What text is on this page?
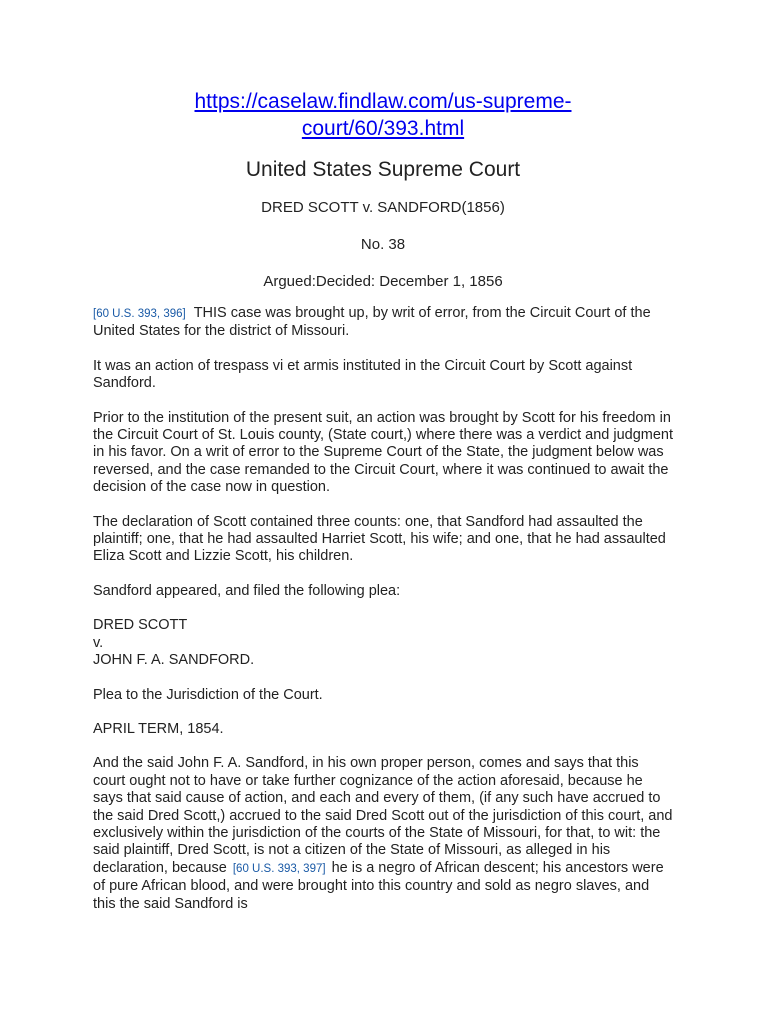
https://caselaw.findlaw.com/us-supreme-
court/60/393.html
United States Supreme Court
DRED SCOTT v. SANDFORD(1856)
No. 38
Argued:Decided: December 1, 1856

[60 U.S. 393, 396] THIS case was brought up, by writ of error, from the Circuit Court of the United States for the district of Missouri.

It was an action of trespass vi et armis instituted in the Circuit Court by Scott against Sandford.

Prior to the institution of the present suit, an action was brought by Scott for his freedom in the Circuit Court of St. Louis county, (State court,) where there was a verdict and judgment in his favor. On a writ of error to the Supreme Court of the State, the judgment below was reversed, and the case remanded to the Circuit Court, where it was continued to await the decision of the case now in question.

The declaration of Scott contained three counts: one, that Sandford had assaulted the plaintiff; one, that he had assaulted Harriet Scott, his wife; and one, that he had assaulted Eliza Scott and Lizzie Scott, his children.

Sandford appeared, and filed the following plea:

DRED SCOTT
v.
JOHN F. A. SANDFORD.

Plea to the Jurisdiction of the Court.

APRIL TERM, 1854.

And the said John F. A. Sandford, in his own proper person, comes and says that this court ought not to have or take further cognizance of the action aforesaid, because he says that said cause of action, and each and every of them, (if any such have accrued to the said Dred Scott,) accrued to the said Dred Scott out of the jurisdiction of this court, and exclusively within the jurisdiction of the courts of the State of Missouri, for that, to wit: the said plaintiff, Dred Scott, is not a citizen of the State of Missouri, as alleged in his declaration, because [60 U.S. 393, 397] he is a negro of African descent; his ancestors were of pure African blood, and were brought into this country and sold as negro slaves, and this the said Sandford is
